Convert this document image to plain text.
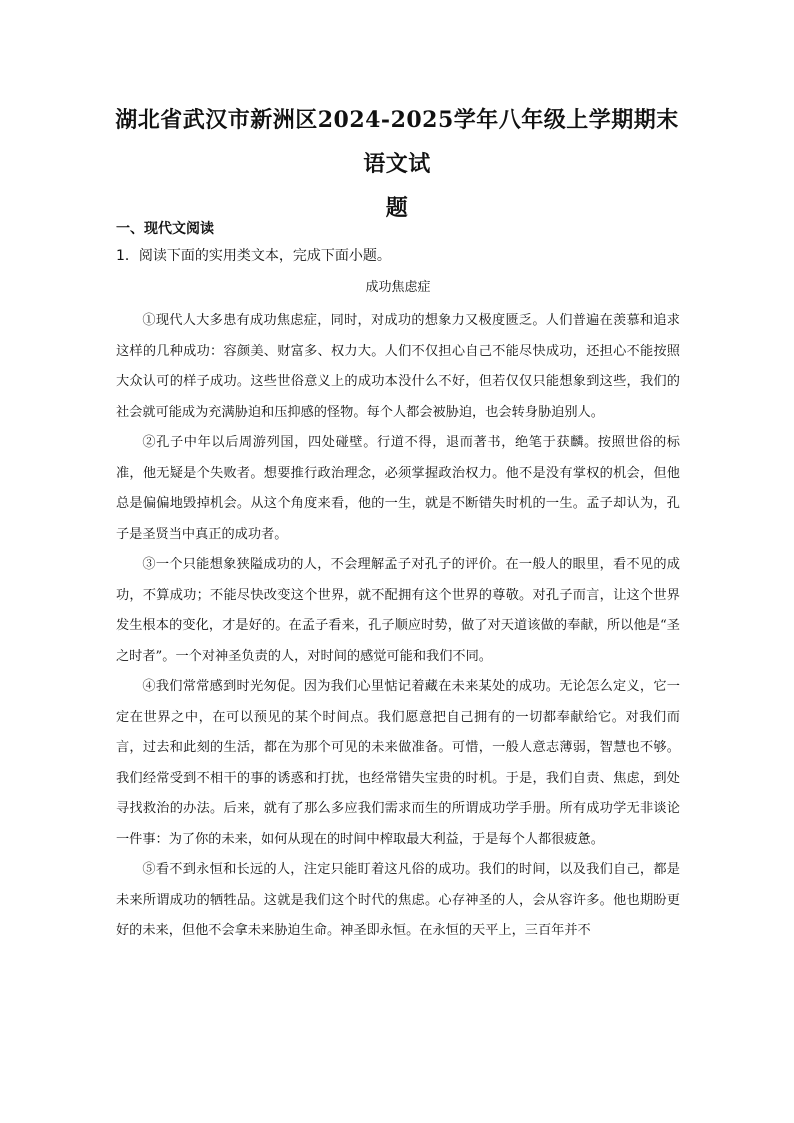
湖北省武汉市新洲区2024-2025学年八年级上学期期末语文试
题
一、现代文阅读
1．阅读下面的实用类文本，完成下面小题。
成功焦虑症

①现代人大多患有成功焦虑症，同时，对成功的想象力又极度匮乏。人们普遍在羡慕和追求这样的几种成功：容颜美、财富多、权力大。人们不仅担心自己不能尽快成功，还担心不能按照大众认可的样子成功。这些世俗意义上的成功本没什么不好，但若仅仅只能想象到这些，我们的社会就可能成为充满胁迫和压抑感的怪物。每个人都会被胁迫，也会转身胁迫别人。

②孔子中年以后周游列国，四处碰壁。行道不得，退而著书，绝笔于获麟。按照世俗的标准，他无疑是个失败者。想要推行政治理念，必须掌握政治权力。他不是没有掌权的机会，但他总是偏偏地毁掉机会。从这个角度来看，他的一生，就是不断错失时机的一生。孟子却认为，孔子是圣贤当中真正的成功者。

③一个只能想象狭隘成功的人，不会理解孟子对孔子的评价。在一般人的眼里，看不见的成功，不算成功；不能尽快改变这个世界，就不配拥有这个世界的尊敬。对孔子而言，让这个世界发生根本的变化，才是好的。在孟子看来，孔子顺应时势，做了对天道该做的奉献，所以他是“圣之时者”。一个对神圣负责的人，对时间的感觉可能和我们不同。

④我们常常感到时光匆促。因为我们心里惦记着藏在未来某处的成功。无论怎么定义，它一定在世界之中，在可以预见的某个时间点。我们愿意把自己拥有的一切都奉献给它。对我们而言，过去和此刻的生活，都在为那个可见的未来做准备。可惜，一般人意志薄弱，智慧也不够。我们经常受到不相干的事的诱惑和打扰，也经常错失宝贵的时机。于是，我们自责、焦虑，到处寻找救治的办法。后来，就有了那么多应我们需求而生的所谓成功学手册。所有成功学无非谈论一件事：为了你的未来，如何从现在的时间中榨取最大利益，于是每个人都很疲惫。

⑤看不到永恒和长远的人，注定只能盯着这凡俗的成功。我们的时间，以及我们自己，都是未来所谓成功的牺牲品。这就是我们这个时代的焦虑。心存神圣的人，会从容许多。他也期盼更好的未来，但他不会拿未来胁迫生命。神圣即永恒。在永恒的天平上，三百年并不
